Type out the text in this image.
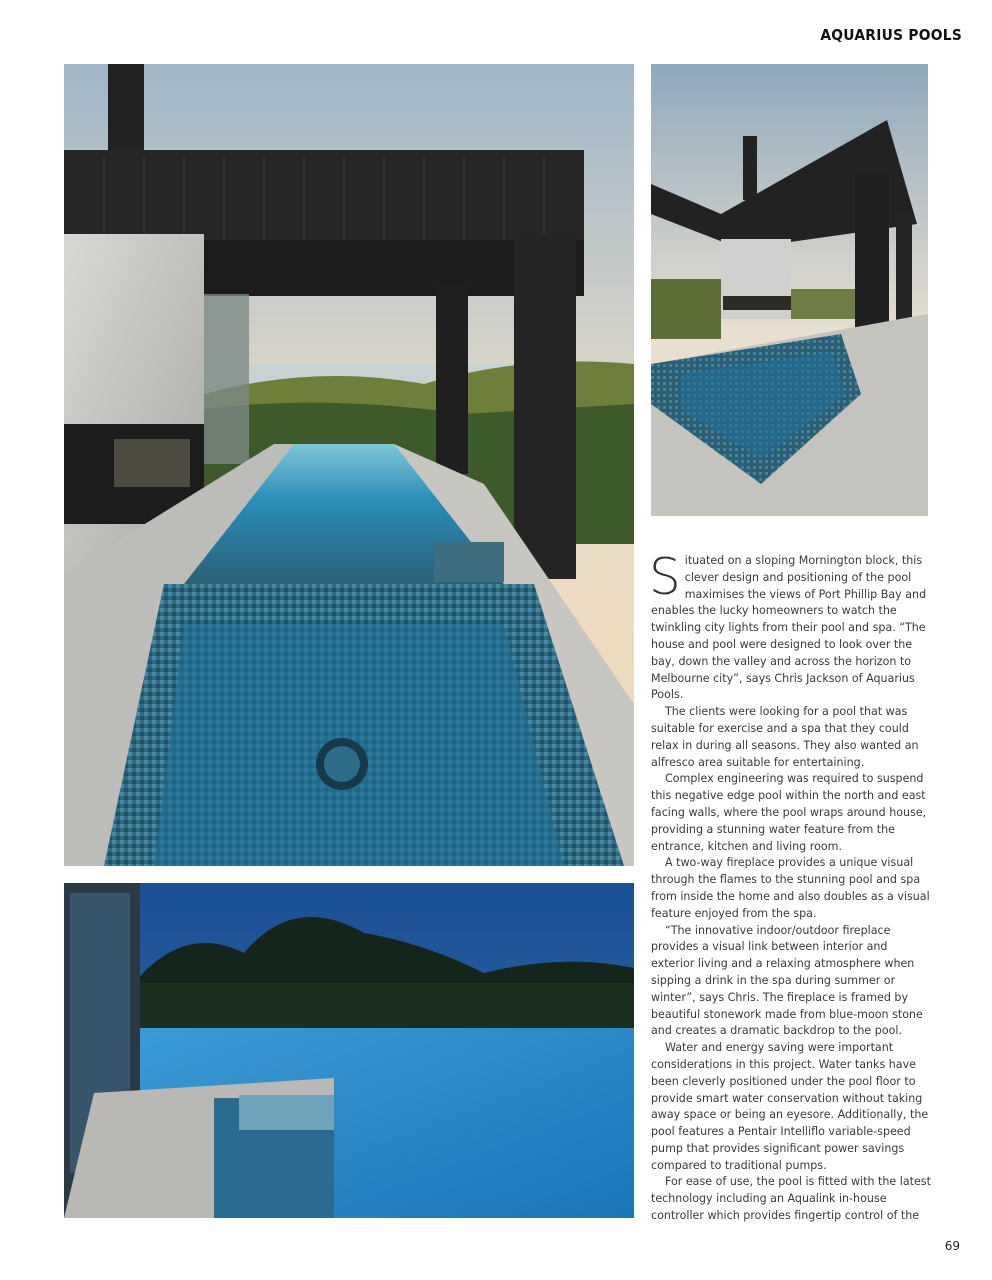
AQUARIUS POOLS

Situated on a sloping Mornington block, this clever design and positioning of the pool maximises the views of Port Phillip Bay and enables the lucky homeowners to watch the twinkling city lights from their pool and spa. “The house and pool were designed to look over the bay, down the valley and across the horizon to Melbourne city”, says Chris Jackson of Aquarius Pools.

The clients were looking for a pool that was suitable for exercise and a spa that they could relax in during all seasons. They also wanted an alfresco area suitable for entertaining.

Complex engineering was required to suspend this negative edge pool within the north and east facing walls, where the pool wraps around house, providing a stunning water feature from the entrance, kitchen and living room.

A two-way fireplace provides a unique visual through the flames to the stunning pool and spa from inside the home and also doubles as a visual feature enjoyed from the spa.

“The innovative indoor/outdoor fireplace provides a visual link between interior and exterior living and a relaxing atmosphere when sipping a drink in the spa during summer or winter”, says Chris. The fireplace is framed by beautiful stonework made from blue-moon stone and creates a dramatic backdrop to the pool.

Water and energy saving were important considerations in this project. Water tanks have been cleverly positioned under the pool floor to provide smart water conservation without taking away space or being an eyesore. Additionally, the pool features a Pentair Intelliflo variable-speed pump that provides significant power savings compared to traditional pumps.

For ease of use, the pool is fitted with the latest technology including an Aqualink in-house controller which provides fingertip control of the

69
